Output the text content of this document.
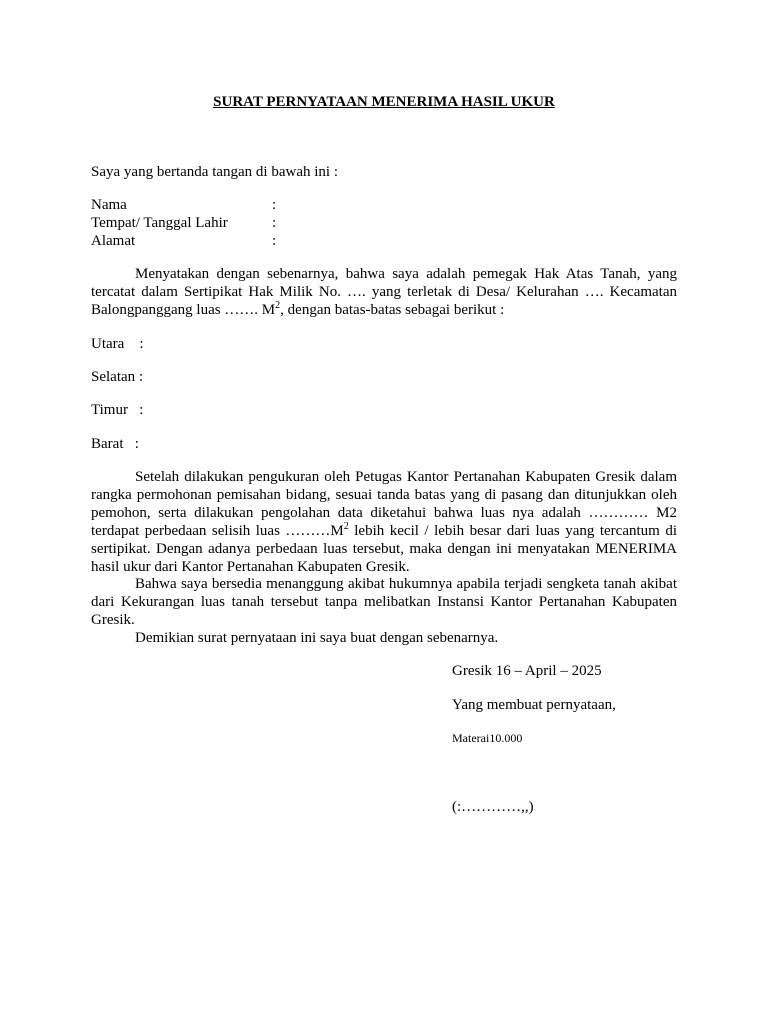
SURAT PERNYATAAN MENERIMA HASIL UKUR
Saya yang bertanda tangan di bawah ini :
Nama	:
Tempat/ Tanggal Lahir	:
Alamat	:
Menyatakan dengan sebenarnya, bahwa saya adalah pemegak Hak Atas Tanah, yang tercatat dalam Sertipikat Hak Milik No. …. yang terletak di Desa/ Kelurahan …. Kecamatan Balongpanggang luas ……. $M^2$, dengan batas-batas sebagai berikut :
Utara :
Selatan :
Timur :
Barat :
Setelah dilakukan pengukuran oleh Petugas Kantor Pertanahan Kabupaten Gresik dalam rangka permohonan pemisahan bidang, sesuai tanda batas yang di pasang dan ditunjukkan oleh pemohon, serta dilakukan pengolahan data diketahui bahwa luas nya adalah ………… M2 terdapat perbedaan selisih luas $\dots\dots\dots M^2$ lebih kecil / lebih besar dari luas yang tercantum di sertipikat. Dengan adanya perbedaan luas tersebut, maka dengan ini menyatakan MENERIMA hasil ukur dari Kantor Pertanahan Kabupaten Gresik.
Bahwa saya bersedia menanggung akibat hukumnya apabila terjadi sengketa tanah akibat dari Kekurangan luas tanah tersebut tanpa melibatkan Instansi Kantor Pertanahan Kabupaten Gresik.
Demikian surat pernyataan ini saya buat dengan sebenarnya.
Gresik 16 – April – 2025
Yang membuat pernyataan,
Materai10.000
(:…………,,)
